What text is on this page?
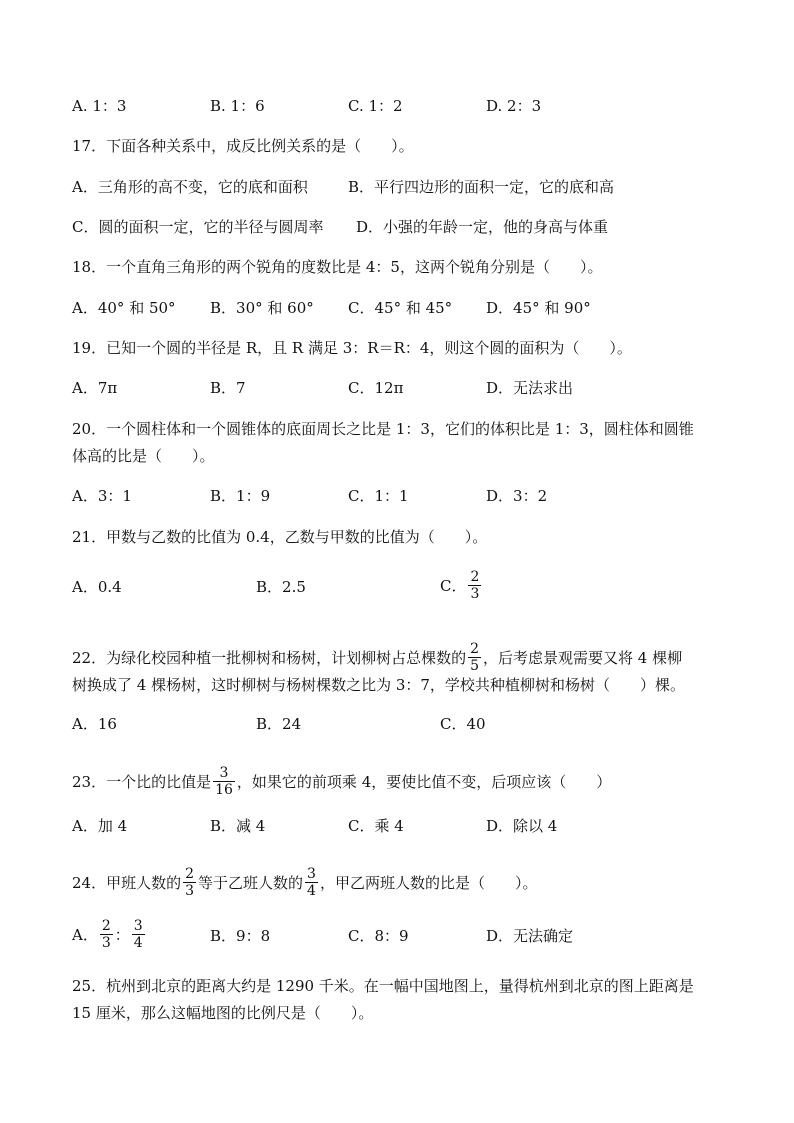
A. 1：3	B. 1：6	C. 1：2	D. 2：3
17．下面各种关系中，成反比例关系的是（　　）。
A．三角形的高不变，它的底和面积	B．平行四边形的面积一定，它的底和高
C．圆的面积一定，它的半径与圆周率 D．小强的年龄一定，他的身高与体重
18．一个直角三角形的两个锐角的度数比是 4：5，这两个锐角分别是（　　）。
A．40° 和 50° B．30° 和 60° C．45° 和 45° D．45° 和 90°
19．已知一个圆的半径是 R，且 R 满足 3：R＝R：4，则这个圆的面积为（　　）。
A．7π	B．7	C．12π	D．无法求出
20．一个圆柱体和一个圆锥体的底面周长之比是 1：3，它们的体积比是 1：3，圆柱体和圆锥
体高的比是（　　）。
A．3：1	B．1：9	C．1：1	D．3：2
21．甲数与乙数的比值为 0.4，乙数与甲数的比值为（　　）。
A．0.4	B．2.5	C． $\frac{2}{3}$
22．为绿化校园种植一批柳树和杨树，计划柳树占总棵数的 $\frac{2}{5}$ ，后考虑景观需要又将 4 棵柳
树换成了 4 棵杨树，这时柳树与杨树棵数之比为 3：7，学校共种植柳树和杨树（　　）棵。
A．16	B．24	C．40
23．一个比的比值是 $\frac{3}{16}$ ，如果它的前项乘 4，要使比值不变，后项应该（　　）
A．加 4	B．减 4	C．乘 4	D．除以 4
24．甲班人数的 $\frac{2}{3}$ 等于乙班人数的 $\frac{3}{4}$ ，甲乙两班人数的比是（　　）。
A． $\frac{2}{3}$ ： $\frac{3}{4}$	B．9：8	C．8：9	D．无法确定
25．杭州到北京的距离大约是 1290 千米。在一幅中国地图上，量得杭州到北京的图上距离是
15 厘米，那么这幅地图的比例尺是（　　）。
